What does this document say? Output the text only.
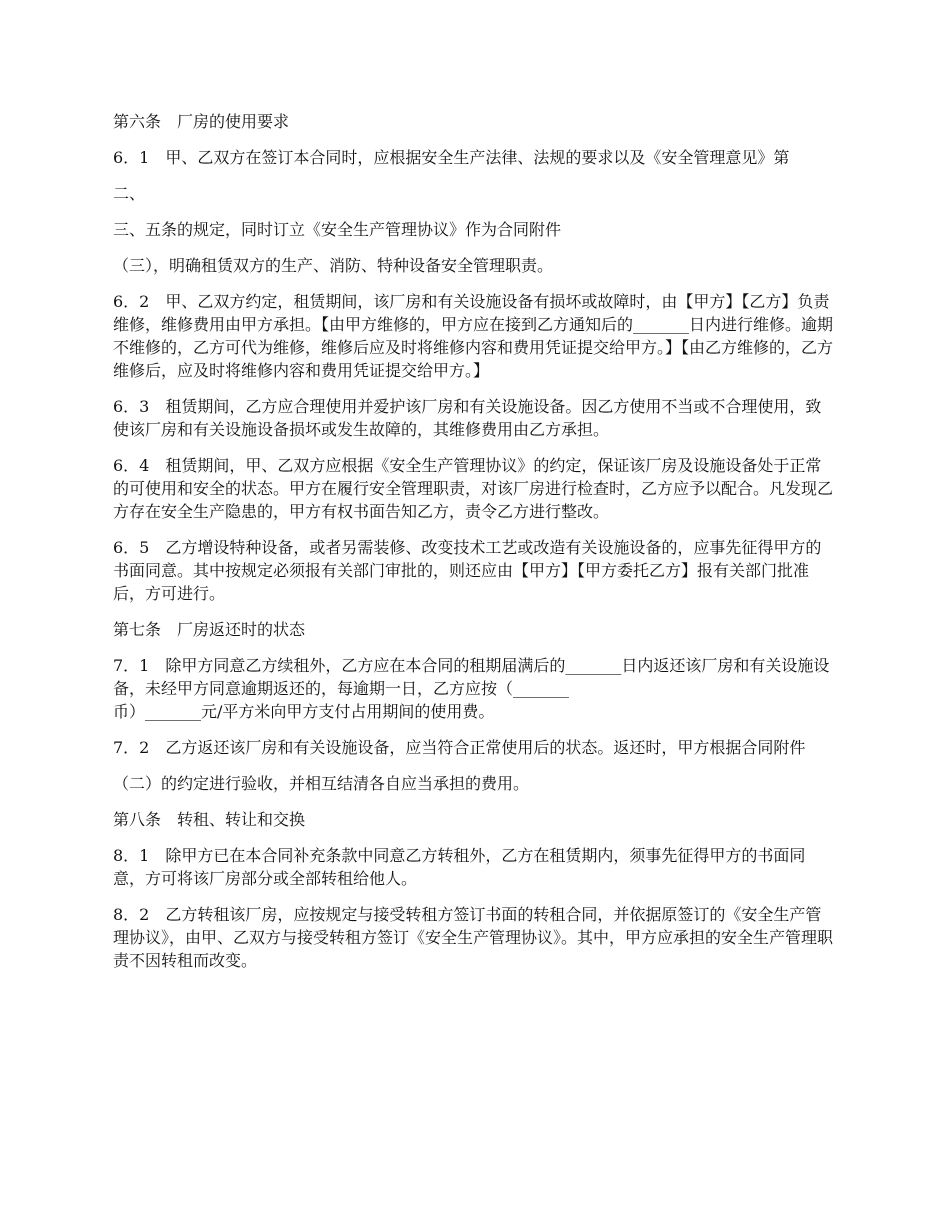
第六条　厂房的使用要求

6．1　甲、乙双方在签订本合同时，应根据安全生产法律、法规的要求以及《安全管理意见》第

二、

三、五条的规定，同时订立《安全生产管理协议》作为合同附件

（三），明确租赁双方的生产、消防、特种设备安全管理职责。

6．2　甲、乙双方约定，租赁期间，该厂房和有关设施设备有损坏或故障时，由【甲方】【乙方】负责维修，维修费用由甲方承担。【由甲方维修的，甲方应在接到乙方通知后的_______日内进行维修。逾期不维修的，乙方可代为维修，维修后应及时将维修内容和费用凭证提交给甲方。】【由乙方维修的，乙方维修后，应及时将维修内容和费用凭证提交给甲方。】

6．3　租赁期间，乙方应合理使用并爱护该厂房和有关设施设备。因乙方使用不当或不合理使用，致使该厂房和有关设施设备损坏或发生故障的，其维修费用由乙方承担。

6．4　租赁期间，甲、乙双方应根据《安全生产管理协议》的约定，保证该厂房及设施设备处于正常的可使用和安全的状态。甲方在履行安全管理职责，对该厂房进行检查时，乙方应予以配合。凡发现乙方存在安全生产隐患的，甲方有权书面告知乙方，责令乙方进行整改。

6．5　乙方增设特种设备，或者另需装修、改变技术工艺或改造有关设施设备的，应事先征得甲方的书面同意。其中按规定必须报有关部门审批的，则还应由【甲方】【甲方委托乙方】报有关部门批准后，方可进行。

第七条　厂房返还时的状态

7．1　除甲方同意乙方续租外，乙方应在本合同的租期届满后的_______日内返还该厂房和有关设施设备，未经甲方同意逾期返还的，每逾期一日，乙方应按（_______
币）_______元/平方米向甲方支付占用期间的使用费。

7．2　乙方返还该厂房和有关设施设备，应当符合正常使用后的状态。返还时，甲方根据合同附件

（二）的约定进行验收，并相互结清各自应当承担的费用。

第八条　转租、转让和交换

8．1　除甲方已在本合同补充条款中同意乙方转租外，乙方在租赁期内，须事先征得甲方的书面同意，方可将该厂房部分或全部转租给他人。

8．2　乙方转租该厂房，应按规定与接受转租方签订书面的转租合同，并依据原签订的《安全生产管理协议》，由甲、乙双方与接受转租方签订《安全生产管理协议》。其中，甲方应承担的安全生产管理职责不因转租而改变。
